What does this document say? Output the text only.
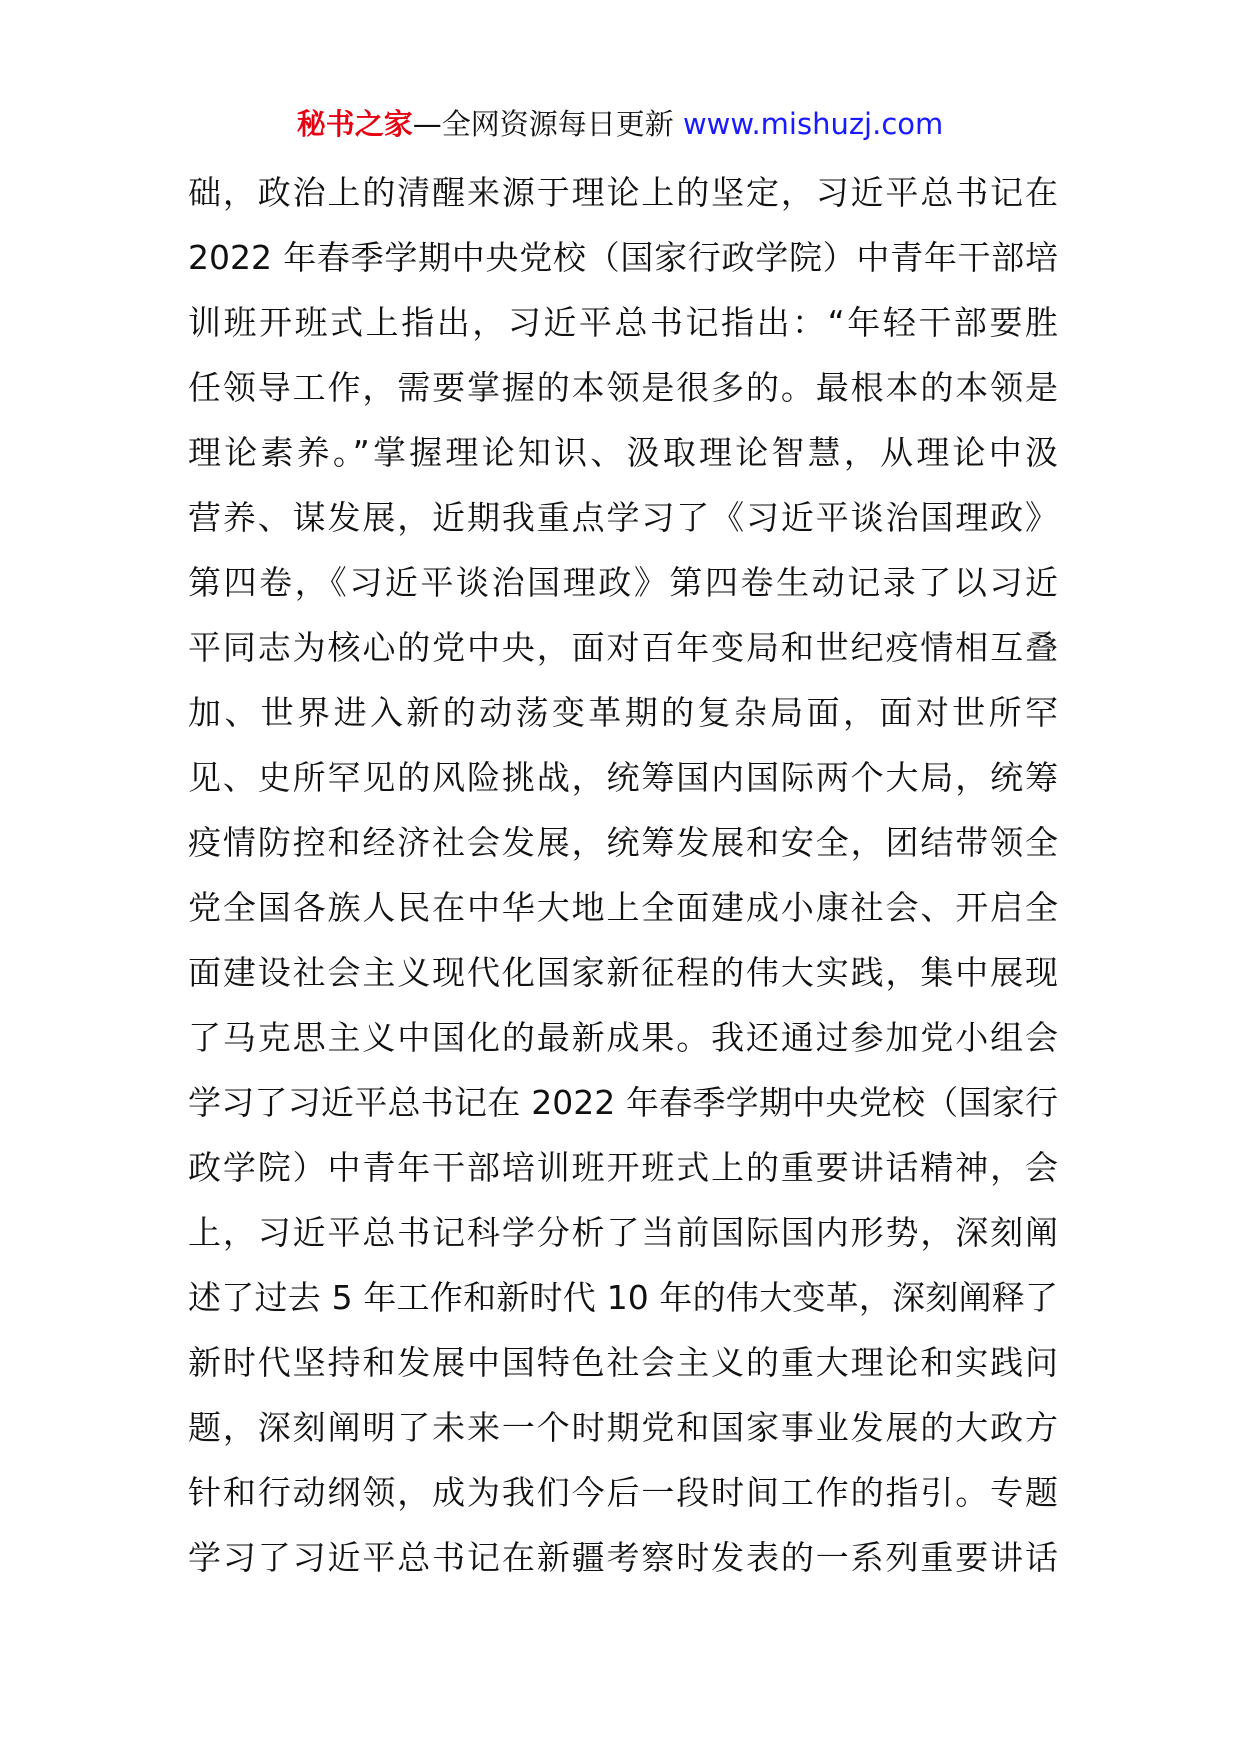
秘书之家—全网资源每日更新 www.mishuzj.com
础，政治上的清醒来源于理论上的坚定，习近平总书记在
2022 年春季学期中央党校（国家行政学院）中青年干部培
训班开班式上指出，习近平总书记指出：“年轻干部要胜
任领导工作，需要掌握的本领是很多的。最根本的本领是
理论素养。”掌握理论知识、汲取理论智慧，从理论中汲
营养、谋发展，近期我重点学习了《习近平谈治国理政》
第四卷，《习近平谈治国理政》第四卷生动记录了以习近
平同志为核心的党中央，面对百年变局和世纪疫情相互叠
加、世界进入新的动荡变革期的复杂局面，面对世所罕
见、史所罕见的风险挑战，统筹国内国际两个大局，统筹
疫情防控和经济社会发展，统筹发展和安全，团结带领全
党全国各族人民在中华大地上全面建成小康社会、开启全
面建设社会主义现代化国家新征程的伟大实践，集中展现
了马克思主义中国化的最新成果。我还通过参加党小组会
学习了习近平总书记在 2022 年春季学期中央党校（国家行
政学院）中青年干部培训班开班式上的重要讲话精神，会
上，习近平总书记科学分析了当前国际国内形势，深刻阐
述了过去 5 年工作和新时代 10 年的伟大变革，深刻阐释了
新时代坚持和发展中国特色社会主义的重大理论和实践问
题，深刻阐明了未来一个时期党和国家事业发展的大政方
针和行动纲领，成为我们今后一段时间工作的指引。专题
学习了习近平总书记在新疆考察时发表的一系列重要讲话
